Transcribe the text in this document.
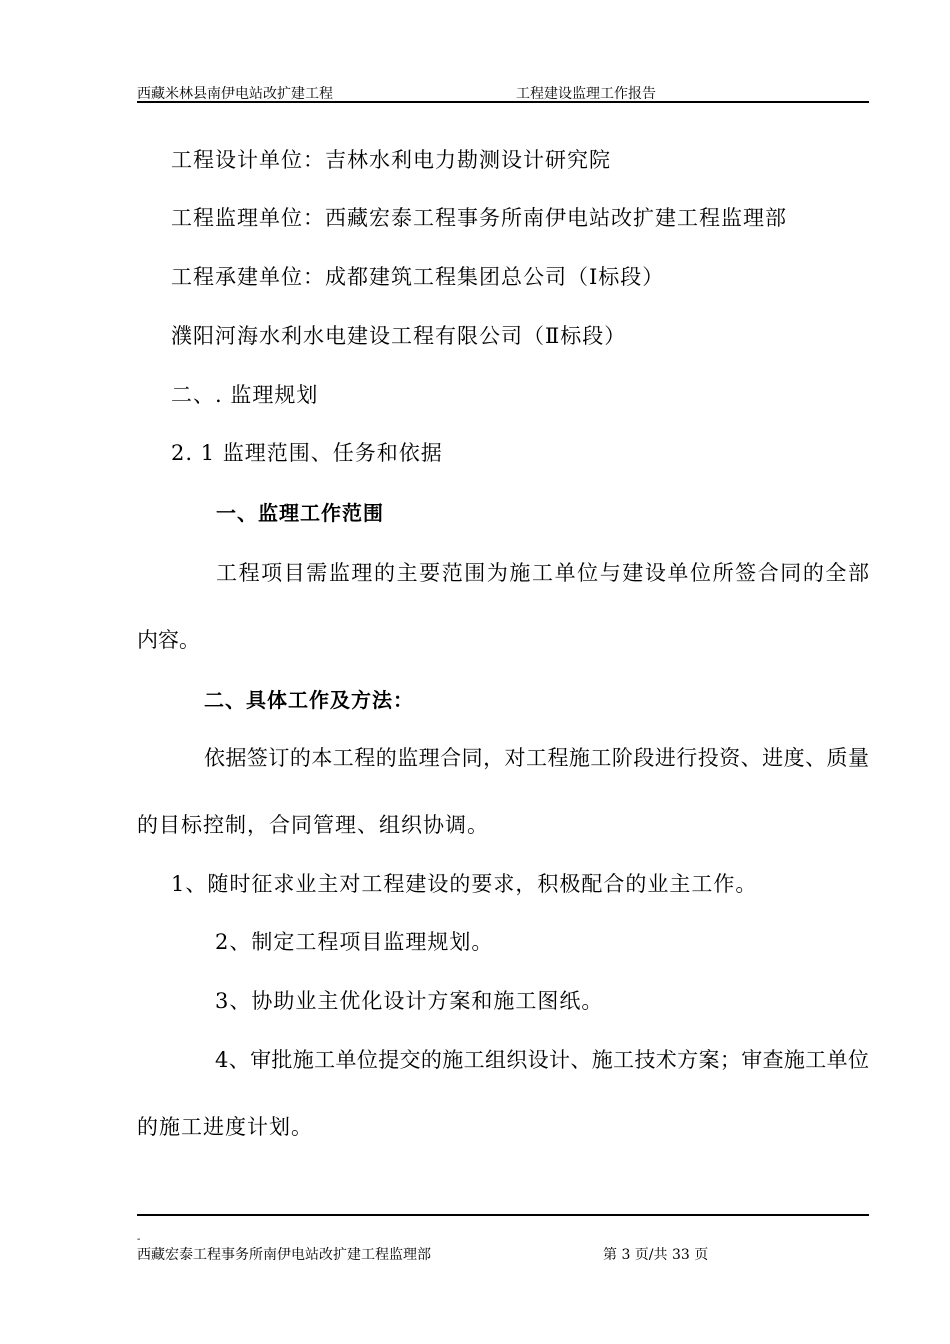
西藏米林县南伊电站改扩建工程	工程建设监理工作报告
工程设计单位：吉林水利电力勘测设计研究院
工程监理单位：西藏宏泰工程事务所南伊电站改扩建工程监理部
工程承建单位：成都建筑工程集团总公司（Ⅰ标段）
濮阳河海水利水电建设工程有限公司（Ⅱ标段）
二、. 监理规划
2. 1 监理范围、任务和依据
一、监理工作范围
工程项目需监理的主要范围为施工单位与建设单位所签合同的全部
内容。
二、具体工作及方法：
依据签订的本工程的监理合同，对工程施工阶段进行投资、进度、质量
的目标控制，合同管理、组织协调。
1、随时征求业主对工程建设的要求，积极配合的业主工作。
2、制定工程项目监理规划。
3、协助业主优化设计方案和施工图纸。
4、审批施工单位提交的施工组织设计、施工技术方案；审查施工单位
的施工进度计划。
-
西藏宏泰工程事务所南伊电站改扩建工程监理部	第 3 页/共 33 页
